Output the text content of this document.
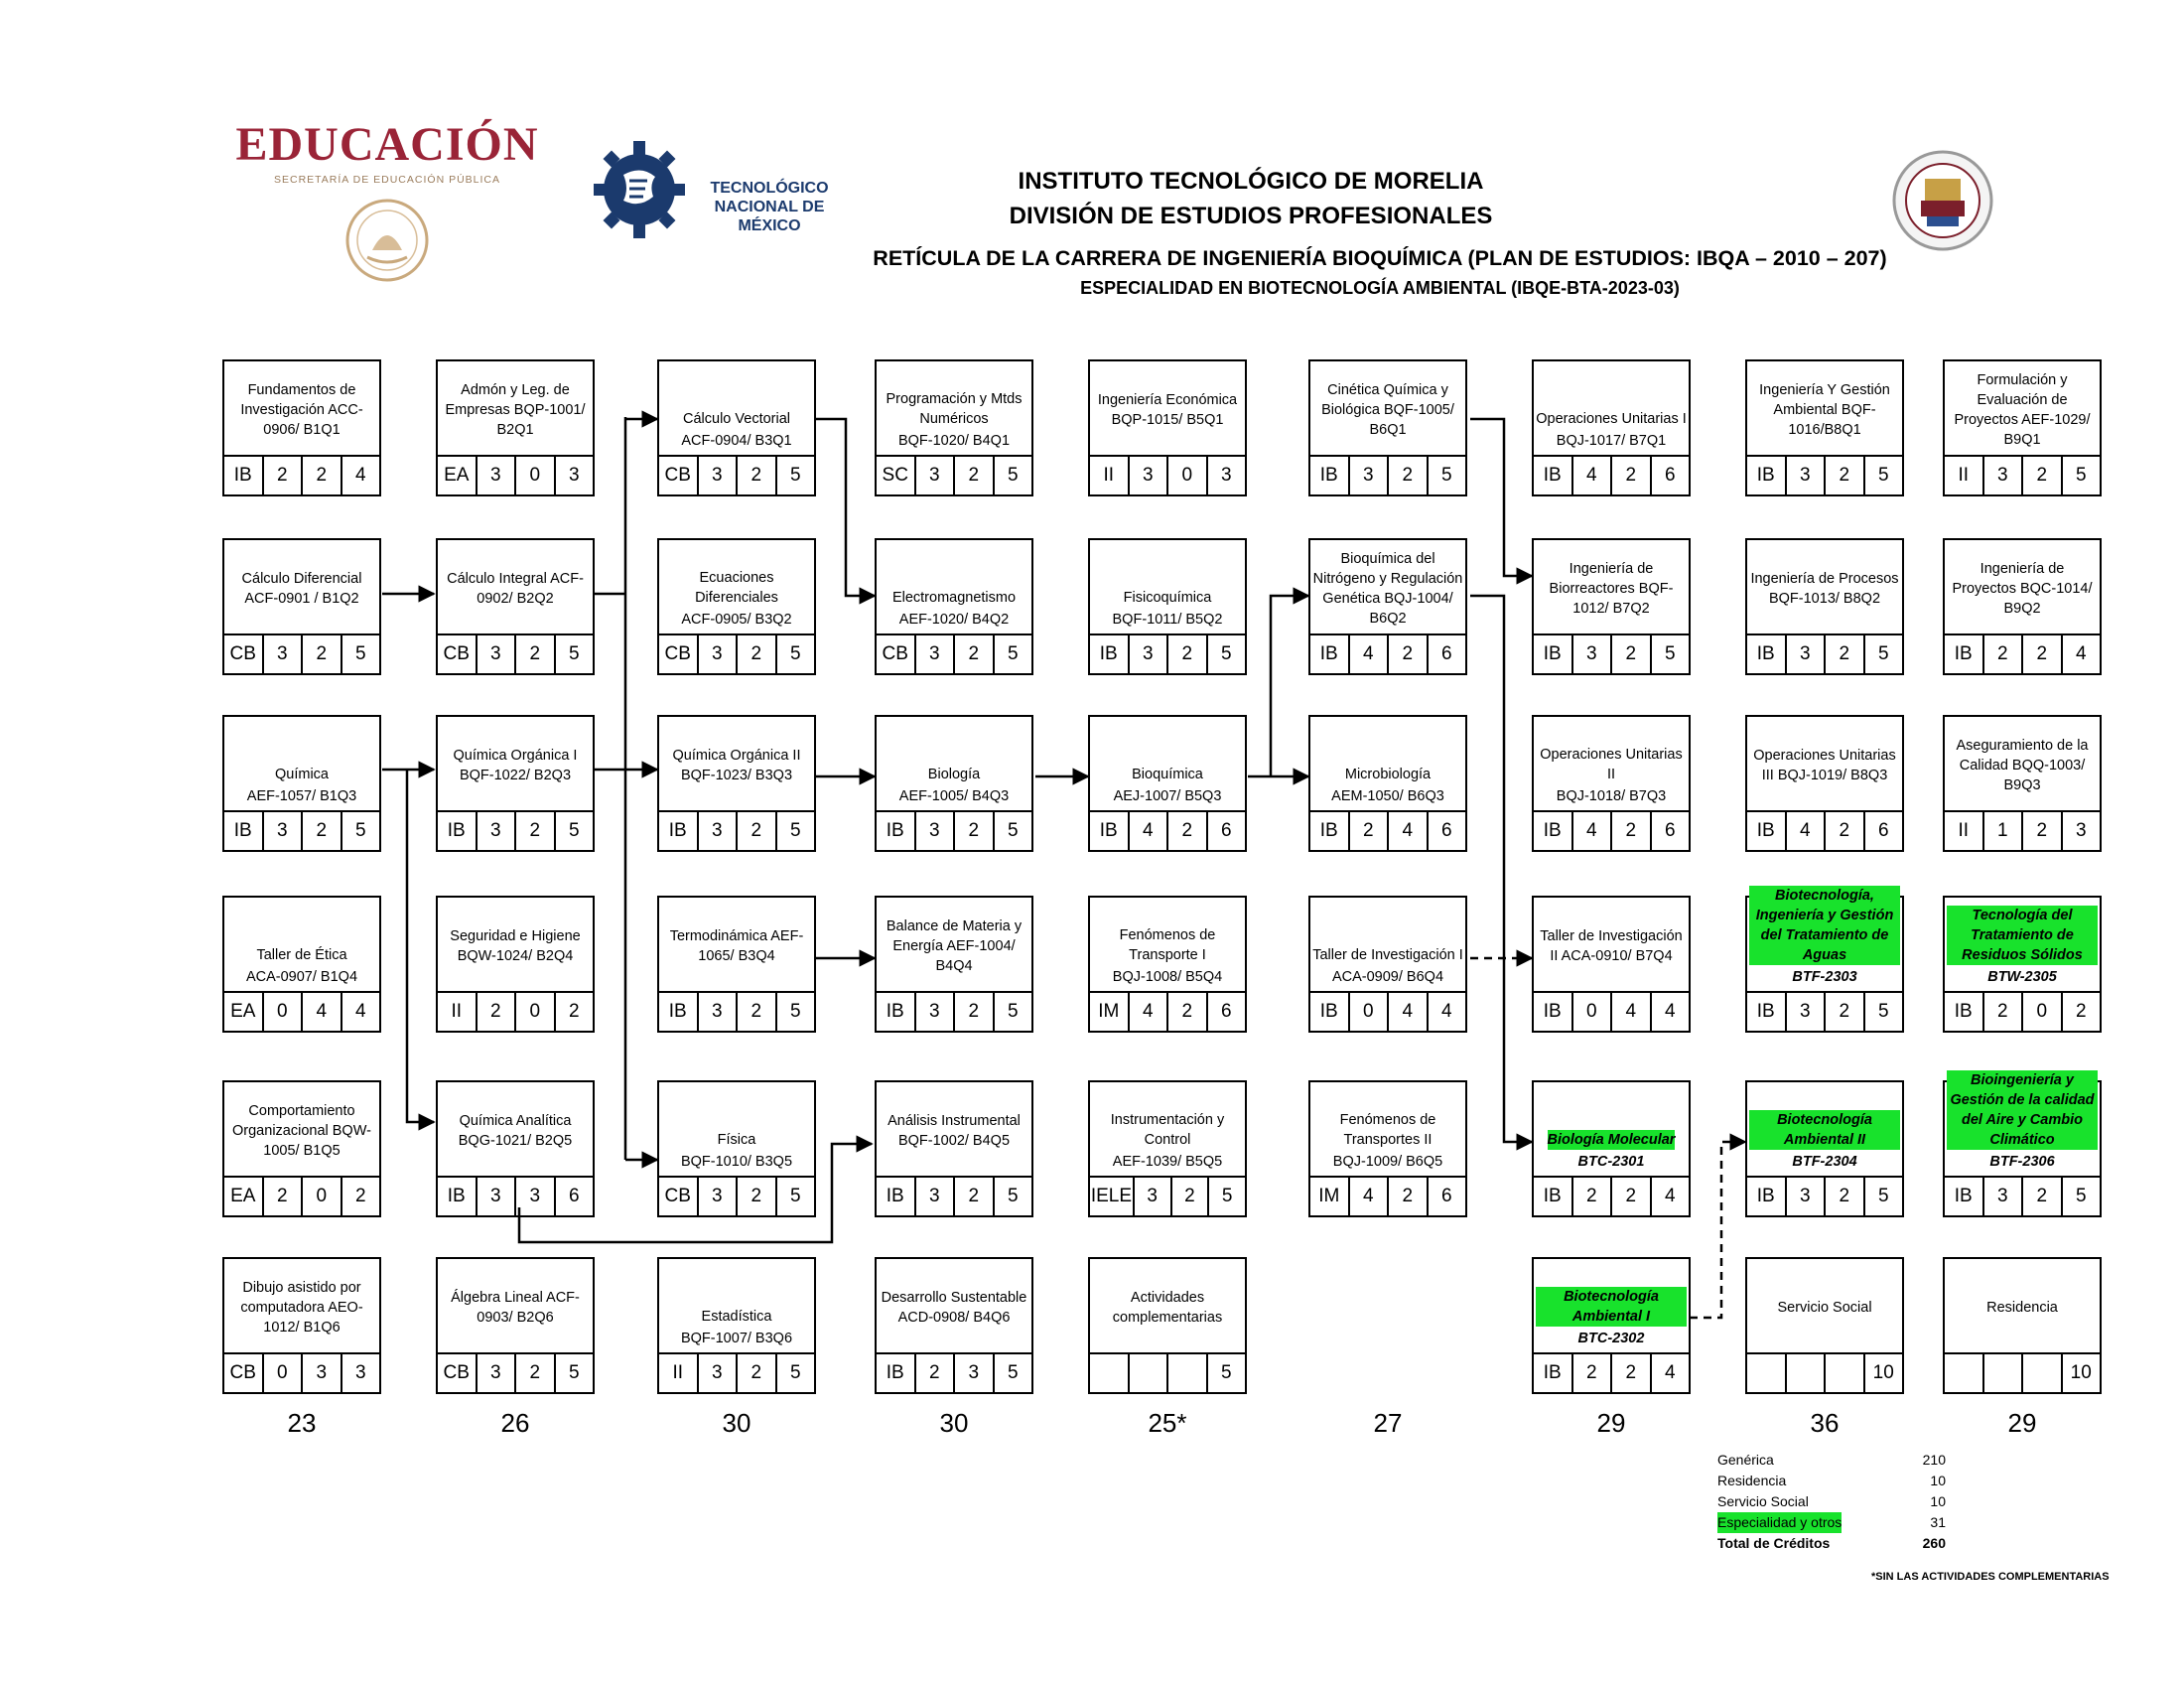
EDUCACIÓN
SECRETARÍA DE EDUCACIÓN PÚBLICA	TECNOLÓGICO
NACIONAL DE MÉXICO
INSTITUTO TECNOLÓGICO DE MORELIA
DIVISIÓN DE ESTUDIOS PROFESIONALES
RETÍCULA DE LA CARRERA DE INGENIERÍA BIOQUÍMICA (PLAN DE ESTUDIOS: IBQA – 2010 – 207)
ESPECIALIDAD EN BIOTECNOLOGÍA AMBIENTAL (IBQE-BTA-2023-03)
Fundamentos de Investigación ACC-0906/ B1Q1
IB	2	2	4
Cálculo Diferencial ACF-0901 / B1Q2
CB	3	2	5
Química
AEF-1057/ B1Q3
IB	3	2	5
Taller de Ética
ACA-0907/ B1Q4
EA	0	4	4
Comportamiento Organizacional BQW-1005/ B1Q5
EA	2	0	2
Dibujo asistido por computadora AEO-1012/ B1Q6
CB	0	3	3
Admón y Leg. de Empresas BQP-1001/ B2Q1
EA	3	0	3
Cálculo Integral ACF-0902/ B2Q2
CB	3	2	5
Química Orgánica I BQF-1022/ B2Q3
IB	3	2	5
Seguridad e Higiene BQW-1024/ B2Q4
II	2	0	2
Química Analítica BQG-1021/ B2Q5
IB	3	3	6
Álgebra Lineal ACF-0903/ B2Q6
CB	3	2	5
Cálculo Vectorial
ACF-0904/ B3Q1
CB	3	2	5
Ecuaciones Diferenciales
ACF-0905/ B3Q2
CB	3	2	5
Química Orgánica II BQF-1023/ B3Q3
IB	3	2	5
Termodinámica AEF-1065/ B3Q4
IB	3	2	5
Física
BQF-1010/ B3Q5
CB	3	2	5
Estadística
BQF-1007/ B3Q6
II	3	2	5
Programación y Mtds Numéricos
BQF-1020/ B4Q1
SC	3	2	5
Electromagnetismo
AEF-1020/ B4Q2
CB	3	2	5
Biología
AEF-1005/ B4Q3
IB	3	2	5
Balance de Materia y Energía AEF-1004/ B4Q4
IB	3	2	5
Análisis Instrumental BQF-1002/ B4Q5
IB	3	2	5
Desarrollo Sustentable ACD-0908/ B4Q6
IB	2	3	5
Ingeniería Económica BQP-1015/ B5Q1
II	3	0	3
Fisicoquímica
BQF-1011/ B5Q2
IB	3	2	5
Bioquímica
AEJ-1007/ B5Q3
IB	4	2	6
Fenómenos de Transporte I
BQJ-1008/ B5Q4
IM	4	2	6
Instrumentación y Control
AEF-1039/ B5Q5
IELE 3	2	5
Actividades complementarias
5
Cinética Química y Biológica BQF-1005/ B6Q1
IB	3	2	5
Bioquímica del Nitrógeno y Regulación Genética BQJ-1004/ B6Q2
IB	4	2	6
Microbiología
AEM-1050/ B6Q3
IB	2	4	6
Taller de Investigación I
ACA-0909/ B6Q4
IB	0	4	4
Fenómenos de Transportes II
BQJ-1009/ B6Q5
IM	4	2	6
Operaciones Unitarias I
BQJ-1017/ B7Q1
IB	4	2	6
Ingeniería de Biorreactores BQF-1012/ B7Q2
IB	3	2	5
Operaciones Unitarias II
BQJ-1018/ B7Q3
IB	4	2	6
Taller de Investigación II ACA-0910/ B7Q4
IB	0	4	4
Biología Molecular
BTC-2301
IB	2	2	4
Biotecnología Ambiental I
BTC-2302
IB	2	2	4
Ingeniería Y Gestión Ambiental BQF-1016/B8Q1
IB	3	2	5
Ingeniería de Procesos BQF-1013/ B8Q2
IB	3	2	5
Operaciones Unitarias III BQJ-1019/ B8Q3
IB	4	2	6
Biotecnología, Ingeniería y Gestión del Tratamiento de Aguas
BTF-2303
IB	3	2	5
Biotecnología Ambiental II
BTF-2304
IB	3	2	5
Servicio Social
10
Formulación y Evaluación de Proyectos AEF-1029/ B9Q1
II	3	2	5
Ingeniería de Proyectos BQC-1014/ B9Q2
IB	2	2	4
Aseguramiento de la Calidad BQQ-1003/ B9Q3
II	1	2	3
Tecnología del Tratamiento de Residuos Sólidos
BTW-2305
IB	2	0	2
Bioingeniería y Gestión de la calidad del Aire y Cambio Climático
BTF-2306
IB	3	2	5
Residencia
10
23	26	30	30	25*	27	29	36	29
Genérica	210
Residencia	10
Servicio Social	10
Especialidad y otros	31
Total de Créditos	260
*SIN LAS ACTIVIDADES COMPLEMENTARIAS
